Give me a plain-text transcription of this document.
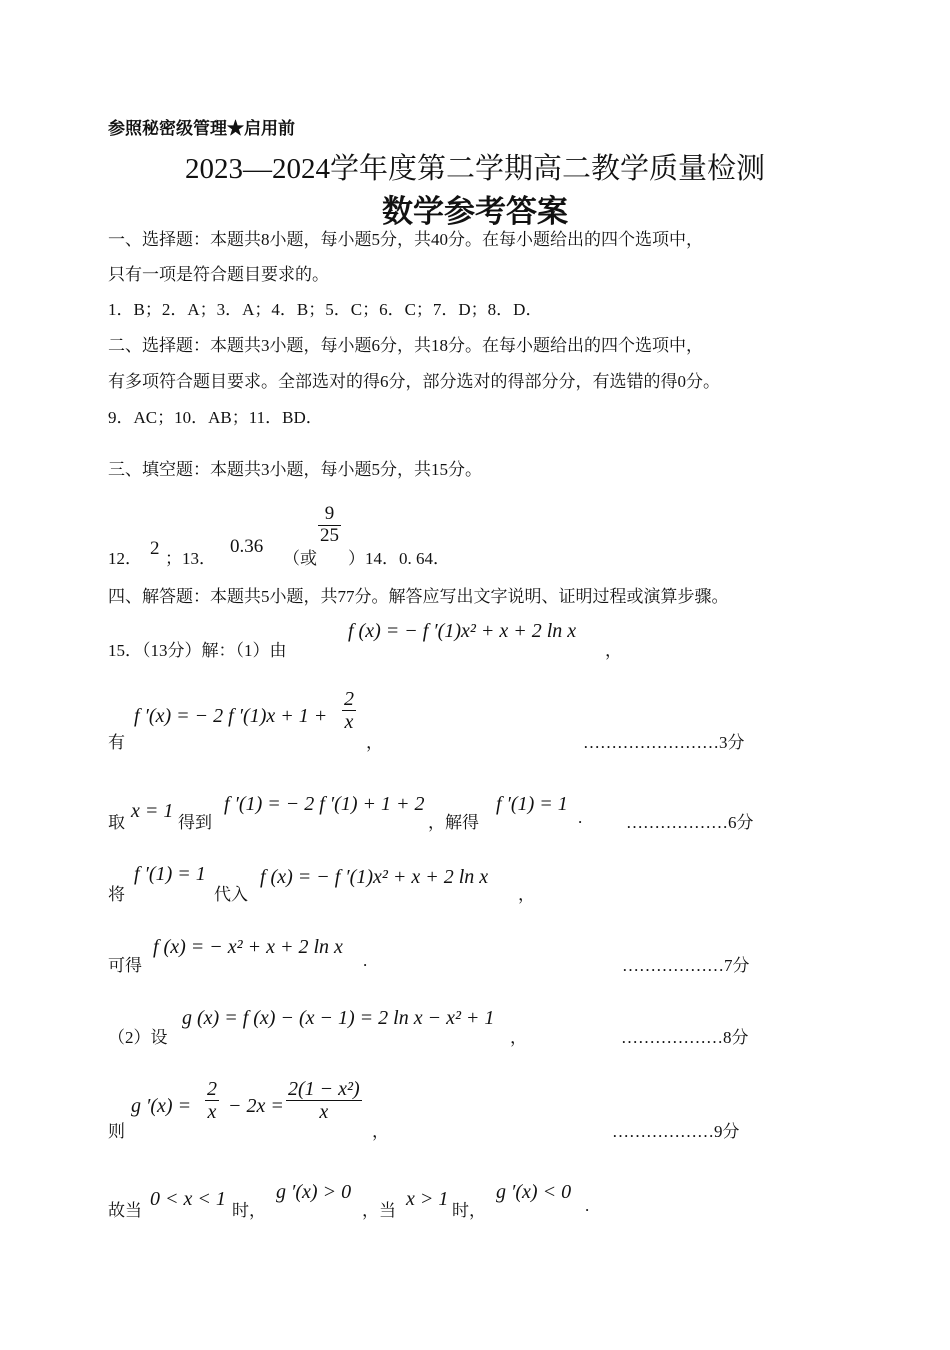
参照秘密级管理★启用前
2023—2024学年度第二学期高二教学质量检测
数学参考答案
一、选择题：本题共8小题，每小题5分，共40分。在每小题给出的四个选项中，
只有一项是符合题目要求的。
1．B；2．A；3．A；4．B；5．C；6．C；7．D；8．D．
二、选择题：本题共3小题，每小题6分，共18分。在每小题给出的四个选项中，
有多项符合题目要求。全部选对的得6分，部分选对的得部分分，有选错的得0分。
9．AC；10．AB；11．BD．
三、填空题：本题共3小题，每小题5分，共15分。
12． 2 ；13．
0.36
（或
$\frac{9}{25}$
）14．0. 64．
四、解答题：本题共5小题，共77分。解答应写出文字说明、证明过程或演算步骤。
15．（13分）解：（1）由
f (x) = − f ′(1)x² + x + 2 ln x
，
有
f ′(x) = − 2 f $'(1)x + 1 + \frac{2}{x}$
，	……………………3分
取
x = 1
得到
f ′(1) = − 2 f ′(1) + 1 + 2
，解得
f ′(1) = 1
.	………………6分
将
f ′(1) = 1
代入
f (x) = − f ′(1)x² + x + 2 ln x
，
可得
f (x) = − x² + x + 2 ln x
.	………………7分
（2）设
g (x) = f (x) − (x − 1) = 2 ln x − x² + 1
，	………………8分
则
g $'(x) = \frac{2}{x} - 2x = \frac{\text{2(1 − x²)}}{x}$
，	………………9分
故当
0 < x < 1
时，
g ′(x) > 0
，当
x > 1
时，
g ′(x) < 0
.
